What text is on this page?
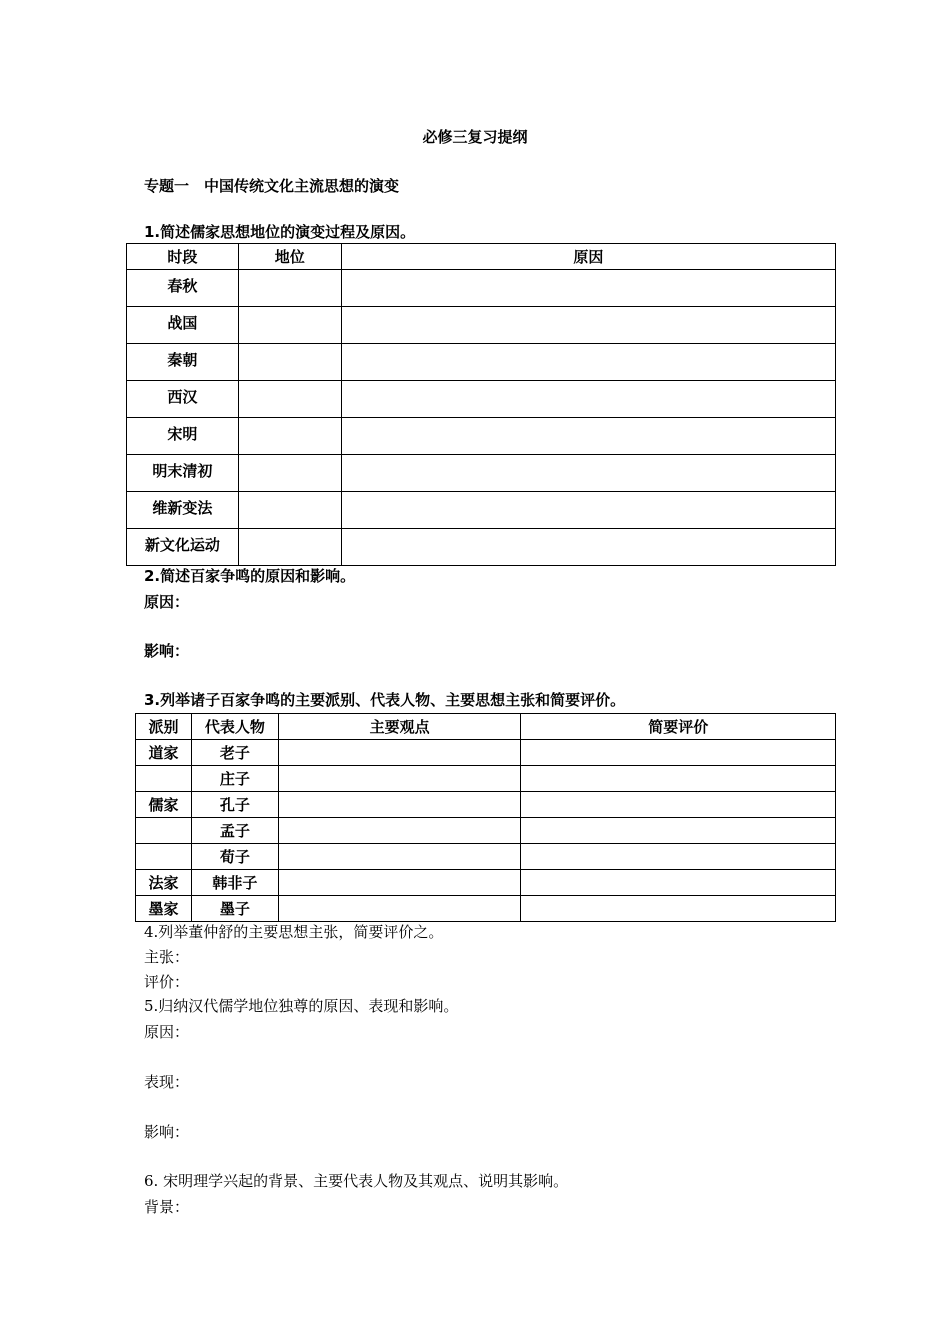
必修三复习提纲
专题一　中国传统文化主流思想的演变
1.简述儒家思想地位的演变过程及原因。
时段	地位	原因

春秋		

战国		

秦朝		

西汉		

宋明		

明末清初		

维新变法		

新文化运动		

2.简述百家争鸣的原因和影响。
原因：
影响：
3.列举诸子百家争鸣的主要派别、代表人物、主要思想主张和简要评价。
派别	代表人物	主要观点	简要评价
道家	老子		
	庄子		
儒家	孔子		
	孟子		
	荀子		
法家	韩非子		
墨家	墨子		
4.列举董仲舒的主要思想主张，简要评价之。
主张：
评价：
5.归纳汉代儒学地位独尊的原因、表现和影响。
原因：
表现：
影响：
6. 宋明理学兴起的背景、主要代表人物及其观点、说明其影响。
背景：
